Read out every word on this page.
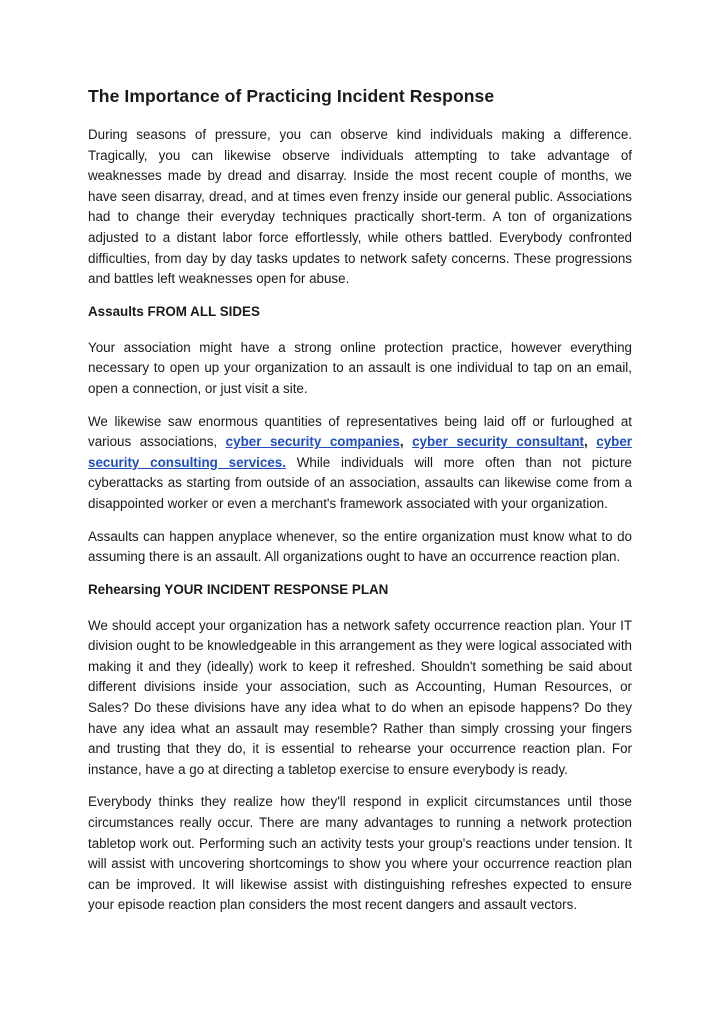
The Importance of Practicing Incident Response

During seasons of pressure, you can observe kind individuals making a difference. Tragically, you can likewise observe individuals attempting to take advantage of weaknesses made by dread and disarray. Inside the most recent couple of months, we have seen disarray, dread, and at times even frenzy inside our general public. Associations had to change their everyday techniques practically short-term. A ton of organizations adjusted to a distant labor force effortlessly, while others battled. Everybody confronted difficulties, from day by day tasks updates to network safety concerns. These progressions and battles left weaknesses open for abuse.

Assaults FROM ALL SIDES

Your association might have a strong online protection practice, however everything necessary to open up your organization to an assault is one individual to tap on an email, open a connection, or just visit a site.

We likewise saw enormous quantities of representatives being laid off or furloughed at various associations, cyber security companies, cyber security consultant, cyber security consulting services. While individuals will more often than not picture cyberattacks as starting from outside of an association, assaults can likewise come from a disappointed worker or even a merchant's framework associated with your organization.

Assaults can happen anyplace whenever, so the entire organization must know what to do assuming there is an assault. All organizations ought to have an occurrence reaction plan.

Rehearsing YOUR INCIDENT RESPONSE PLAN

We should accept your organization has a network safety occurrence reaction plan. Your IT division ought to be knowledgeable in this arrangement as they were logical associated with making it and they (ideally) work to keep it refreshed. Shouldn't something be said about different divisions inside your association, such as Accounting, Human Resources, or Sales? Do these divisions have any idea what to do when an episode happens? Do they have any idea what an assault may resemble? Rather than simply crossing your fingers and trusting that they do, it is essential to rehearse your occurrence reaction plan. For instance, have a go at directing a tabletop exercise to ensure everybody is ready.

Everybody thinks they realize how they'll respond in explicit circumstances until those circumstances really occur. There are many advantages to running a network protection tabletop work out. Performing such an activity tests your group's reactions under tension. It will assist with uncovering shortcomings to show you where your occurrence reaction plan can be improved. It will likewise assist with distinguishing refreshes expected to ensure your episode reaction plan considers the most recent dangers and assault vectors.
